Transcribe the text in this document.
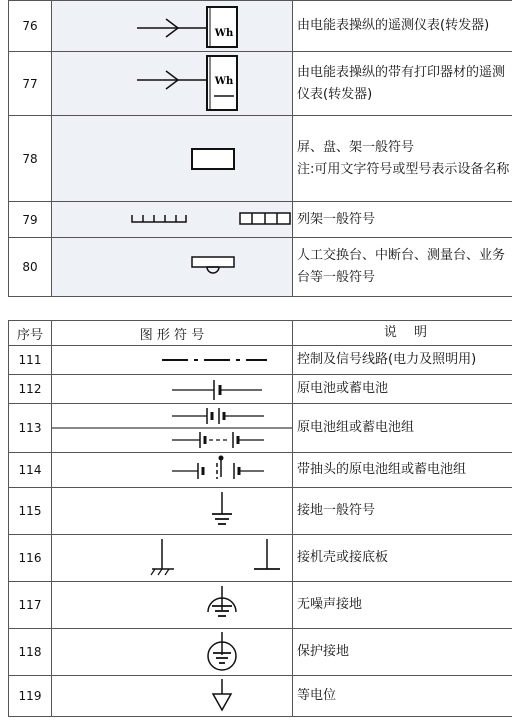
76	Wh	由电能表操纵的遥测仪表(转发器)
77	Wh	由电能表操纵的带有打印器材的遥测仪表(转发器)
78		屏、盘、架一般符号
注:可用文字符号或型号表示设备名称

79		列架一般符号
80		人工交换台、中断台、测量台、业务台等一般符号
序号	图 形 符 号	说　 明
111		控制及信号线路(电力及照明用)
112		原电池或蓄电池
113		原电池组或蓄电池组
114		带抽头的原电池组或蓄电池组
115		接地一般符号
116		接机壳或接底板
117		无噪声接地
118		保护接地
119		等电位
